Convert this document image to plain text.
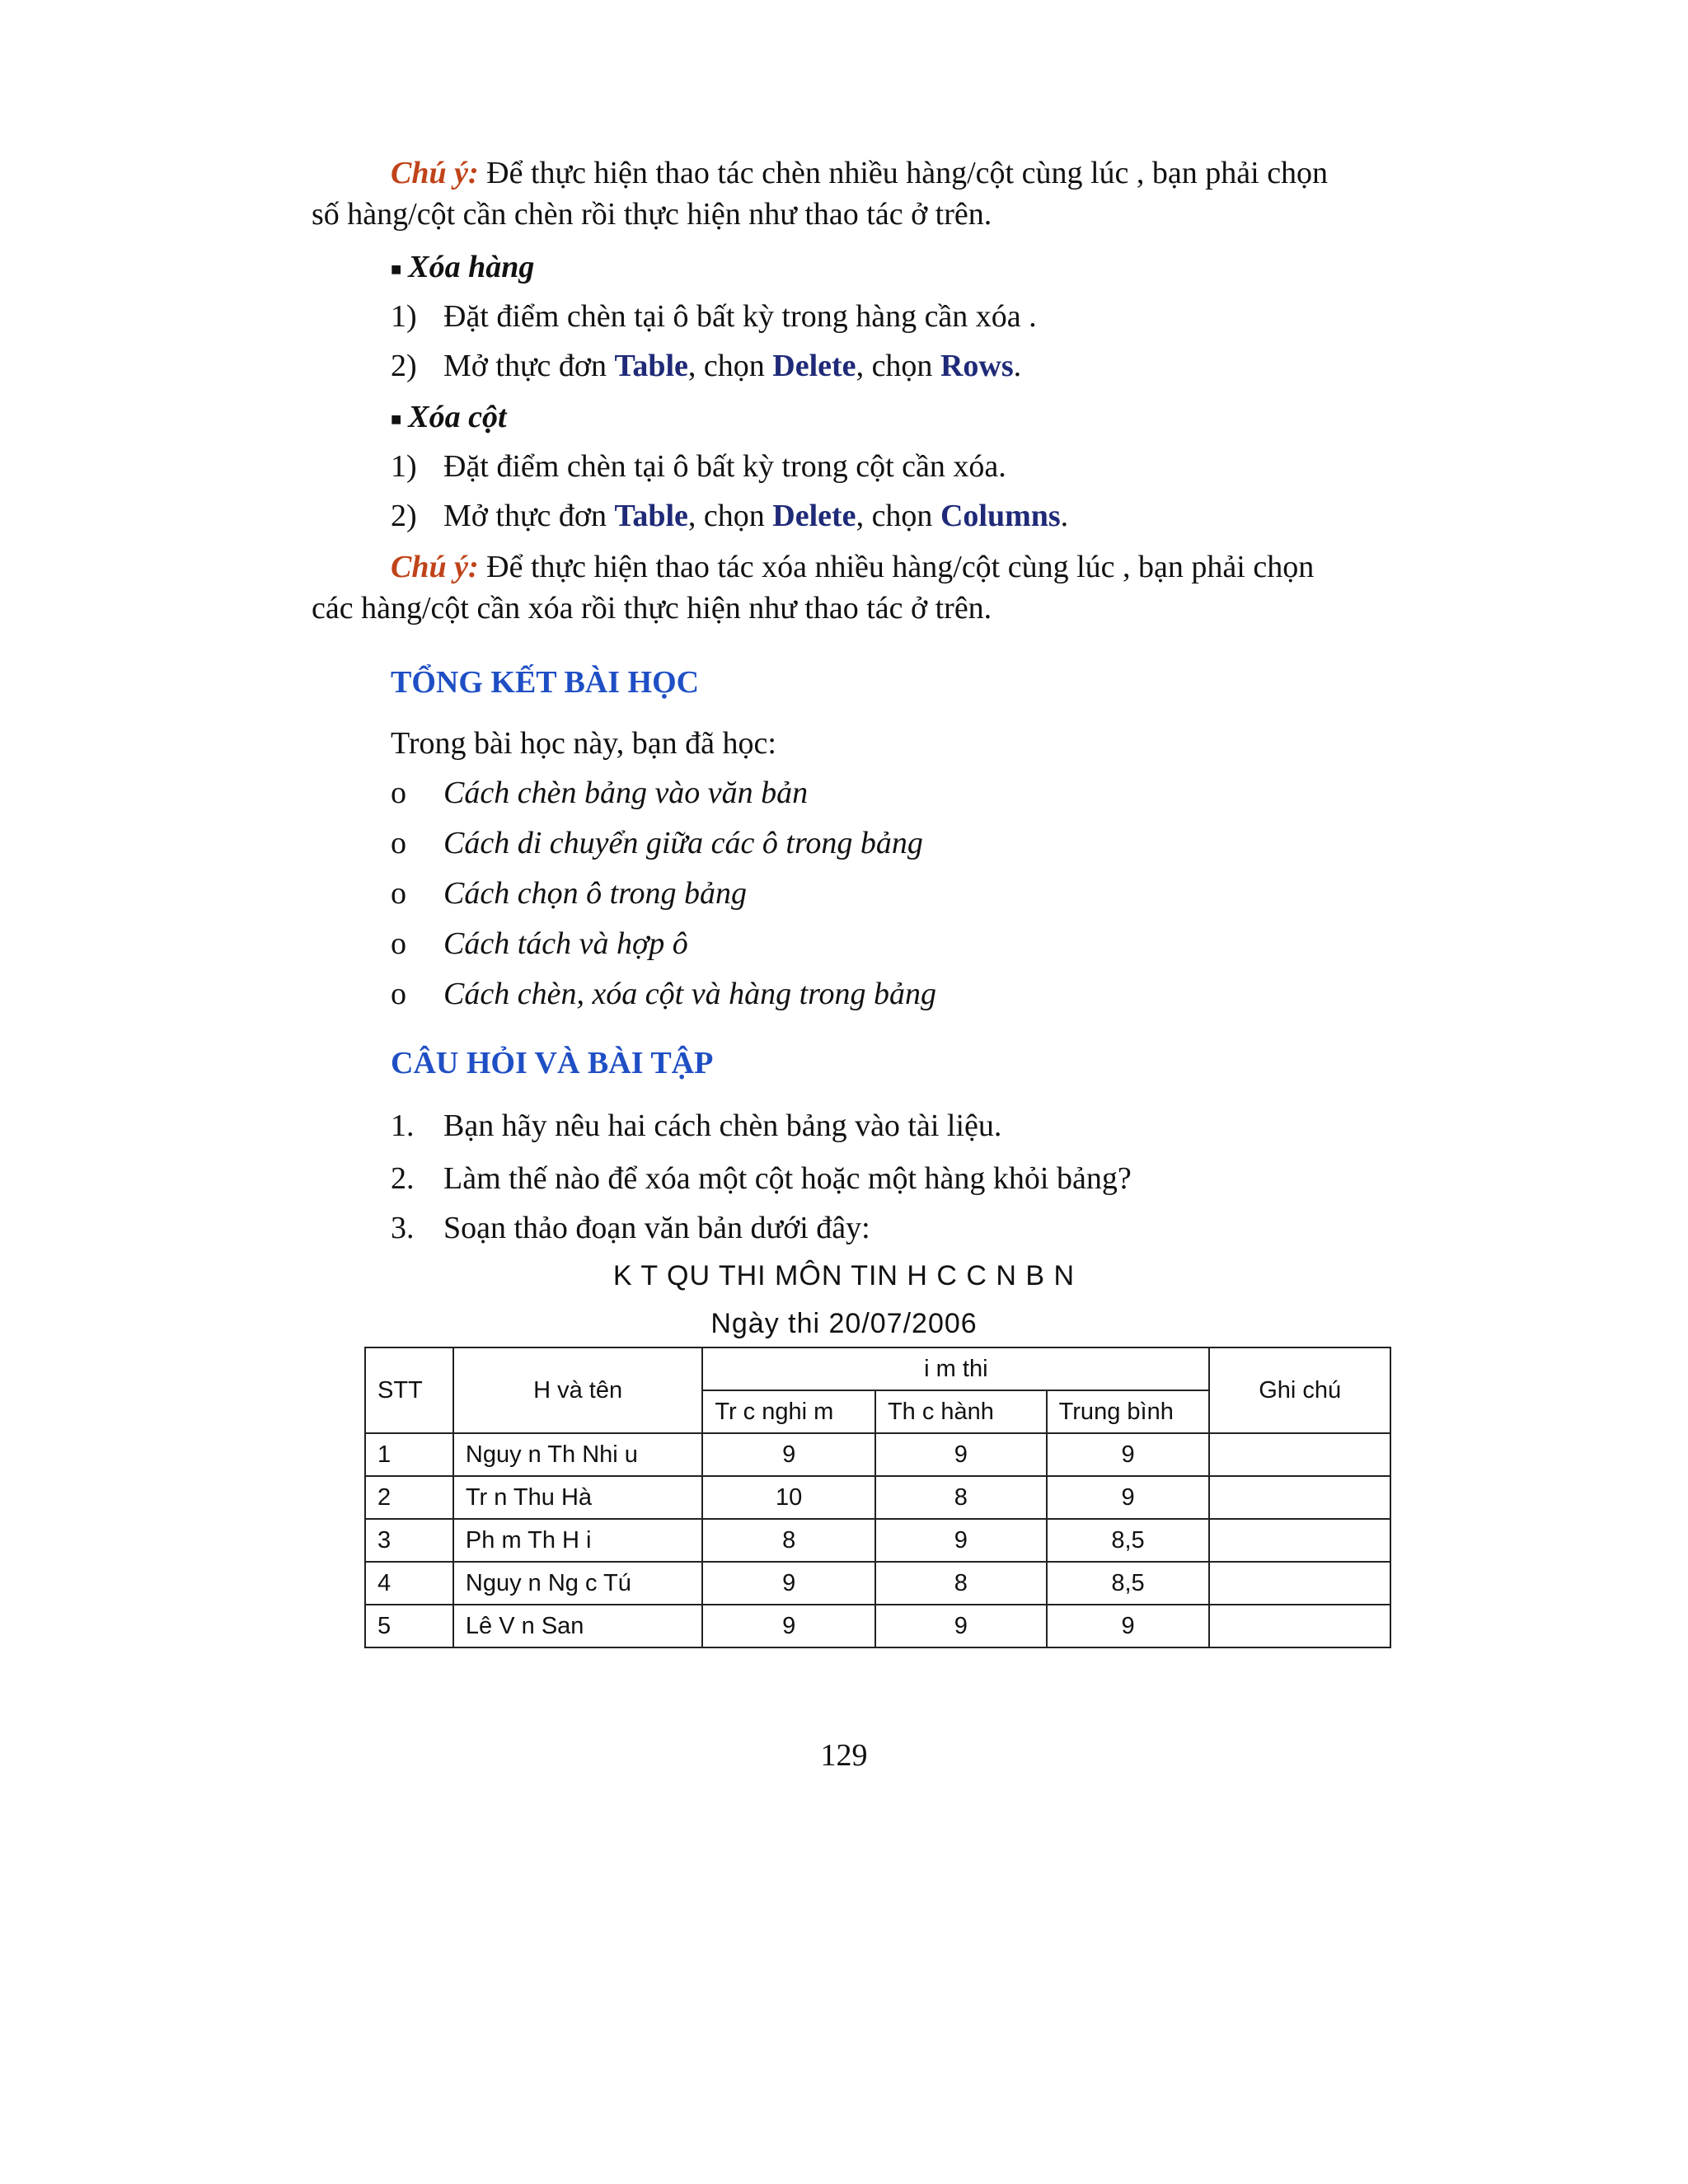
Chú ý: Để thực hiện thao tác chèn nhiều hàng/cột cùng lúc , bạn phải chọn
số hàng/cột cần chèn rồi thực hiện như thao tác ở trên.
■ Xóa hàng
1) Đặt điểm chèn tại ô bất kỳ trong hàng cần xóa .
2) Mở thực đơn Table, chọn Delete, chọn Rows.
■ Xóa cột
1) Đặt điểm chèn tại ô bất kỳ trong cột cần xóa.
2) Mở thực đơn Table, chọn Delete, chọn Columns.
Chú ý: Để thực hiện thao tác xóa nhiều hàng/cột cùng lúc , bạn phải chọn
các hàng/cột cần xóa rồi thực hiện như thao tác ở trên.
TỔNG KẾT BÀI HỌC
Trong bài học này, bạn đã học:
o Cách chèn bảng vào văn bản
o Cách di chuyển giữa các ô trong bảng
o Cách chọn ô trong bảng
o Cách tách và hợp ô
o Cách chèn, xóa cột và hàng trong bảng
CÂU HỎI VÀ BÀI TẬP
1. Bạn hãy nêu hai cách chèn bảng vào tài liệu.
2. Làm thế nào để xóa một cột hoặc một hàng khỏi bảng?
3. Soạn thảo đoạn văn bản dưới đây:
K T QU THI MÔN TIN H C C N B N
Ngày thi 20/07/2006
STT	H và tên	i m thi			Ghi chú
		Tr c nghi m	Th c hành	Trung bình	
1	Nguy n Th Nhi u	9	9	9	
2	Tr n Thu Hà	10	8	9	
3	Ph m Th H i	8	9	8,5	
4	Nguy n Ng c Tú	9	8	8,5	
5	Lê V n San	9	9	9	
129
